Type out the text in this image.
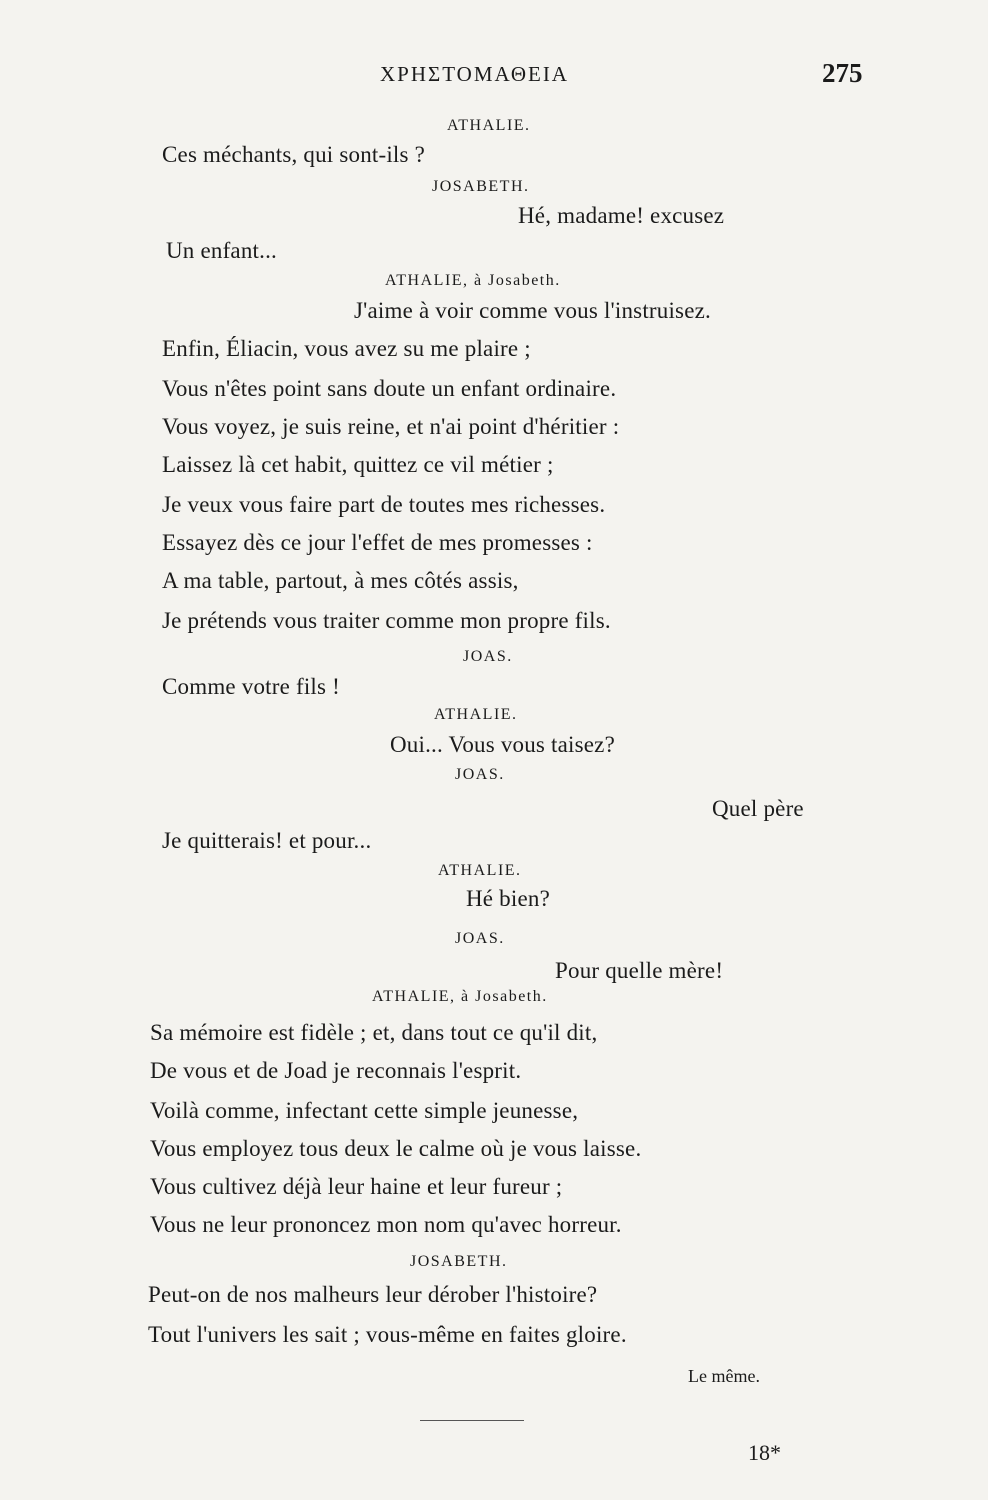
ΧΡΗΣΤΟΜΑΘΕΙΑ	275
ATHALIE.
Ces méchants, qui sont-ils ?
JOSABETH.
Hé, madame! excusez
Un enfant...
ATHALIE, à Josabeth.
J'aime à voir comme vous l'instruisez.
Enfin, Éliacin, vous avez su me plaire ;
Vous n'êtes point sans doute un enfant ordinaire.
Vous voyez, je suis reine, et n'ai point d'héritier :
Laissez là cet habit, quittez ce vil métier ;
Je veux vous faire part de toutes mes richesses.
Essayez dès ce jour l'effet de mes promesses :
A ma table, partout, à mes côtés assis,
Je prétends vous traiter comme mon propre fils.
JOAS.
Comme votre fils !
ATHALIE.
Oui... Vous vous taisez?
JOAS.
Quel père
Je quitterais! et pour...
ATHALIE.
Hé bien?
JOAS.
Pour quelle mère!
ATHALIE, à Josabeth.
Sa mémoire est fidèle ; et, dans tout ce qu'il dit,
De vous et de Joad je reconnais l'esprit.
Voilà comme, infectant cette simple jeunesse,
Vous employez tous deux le calme où je vous laisse.
Vous cultivez déjà leur haine et leur fureur ;
Vous ne leur prononcez mon nom qu'avec horreur.
JOSABETH.
Peut-on de nos malheurs leur dérober l'histoire?
Tout l'univers les sait ; vous-même en faites gloire.
Le même.
18*
